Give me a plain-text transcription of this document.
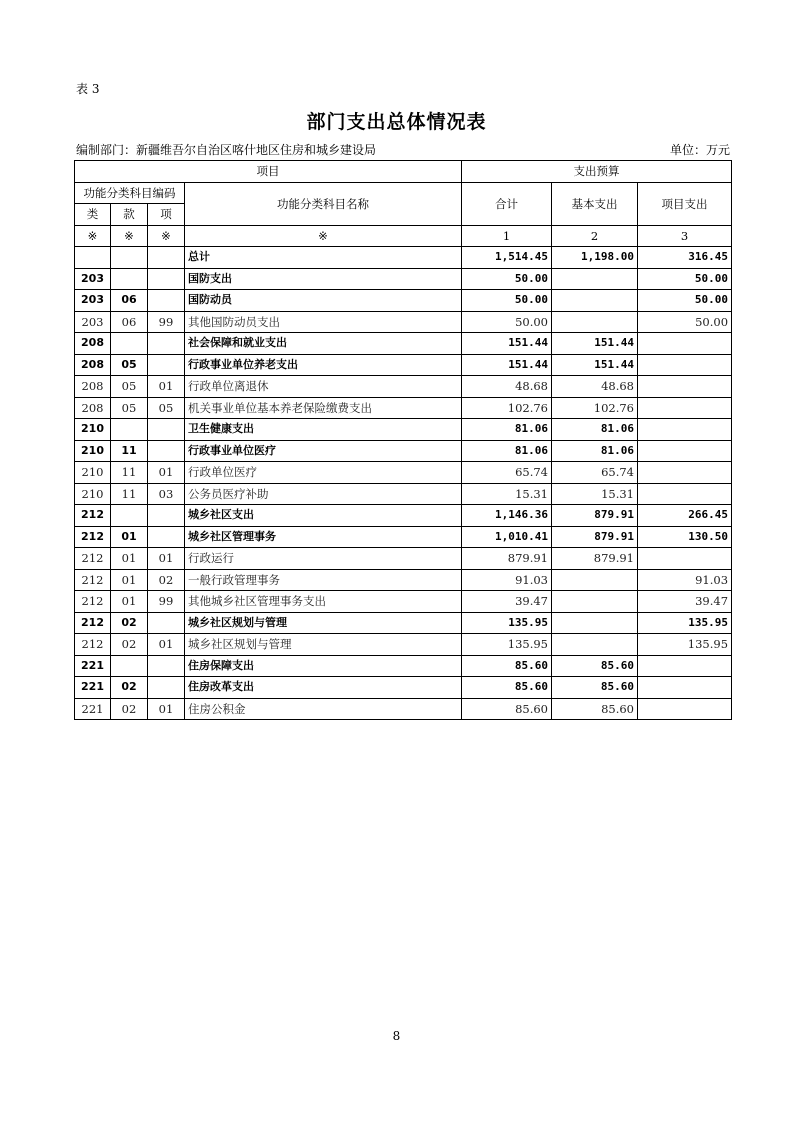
表 3
部门支出总体情况表
编制部门：新疆维吾尔自治区喀什地区住房和城乡建设局	单位：万元
项目				支出预算		
功能分类科目编码			功能分类科目名称	合计	基本支出	项目支出
类	款	项				
※	※	※	※	1	2	3
			总计	1,514.45	1,198.00	316.45
203			国防支出	50.00		50.00
203	06		国防动员	50.00		50.00
203	06	99	其他国防动员支出	50.00		50.00
208			社会保障和就业支出	151.44	151.44	
208	05		行政事业单位养老支出	151.44	151.44	
208	05	01	行政单位离退休	48.68	48.68	
208	05	05	机关事业单位基本养老保险缴费支出	102.76	102.76	
210			卫生健康支出	81.06	81.06	
210	11		行政事业单位医疗	81.06	81.06	
210	11	01	行政单位医疗	65.74	65.74	
210	11	03	公务员医疗补助	15.31	15.31	
212			城乡社区支出	1,146.36	879.91	266.45
212	01		城乡社区管理事务	1,010.41	879.91	130.50
212	01	01	行政运行	879.91	879.91	
212	01	02	一般行政管理事务	91.03		91.03
212	01	99	其他城乡社区管理事务支出	39.47		39.47
212	02		城乡社区规划与管理	135.95		135.95
212	02	01	城乡社区规划与管理	135.95		135.95
221			住房保障支出	85.60	85.60	
221	02		住房改革支出	85.60	85.60	
221	02	01	住房公积金	85.60	85.60	
8
